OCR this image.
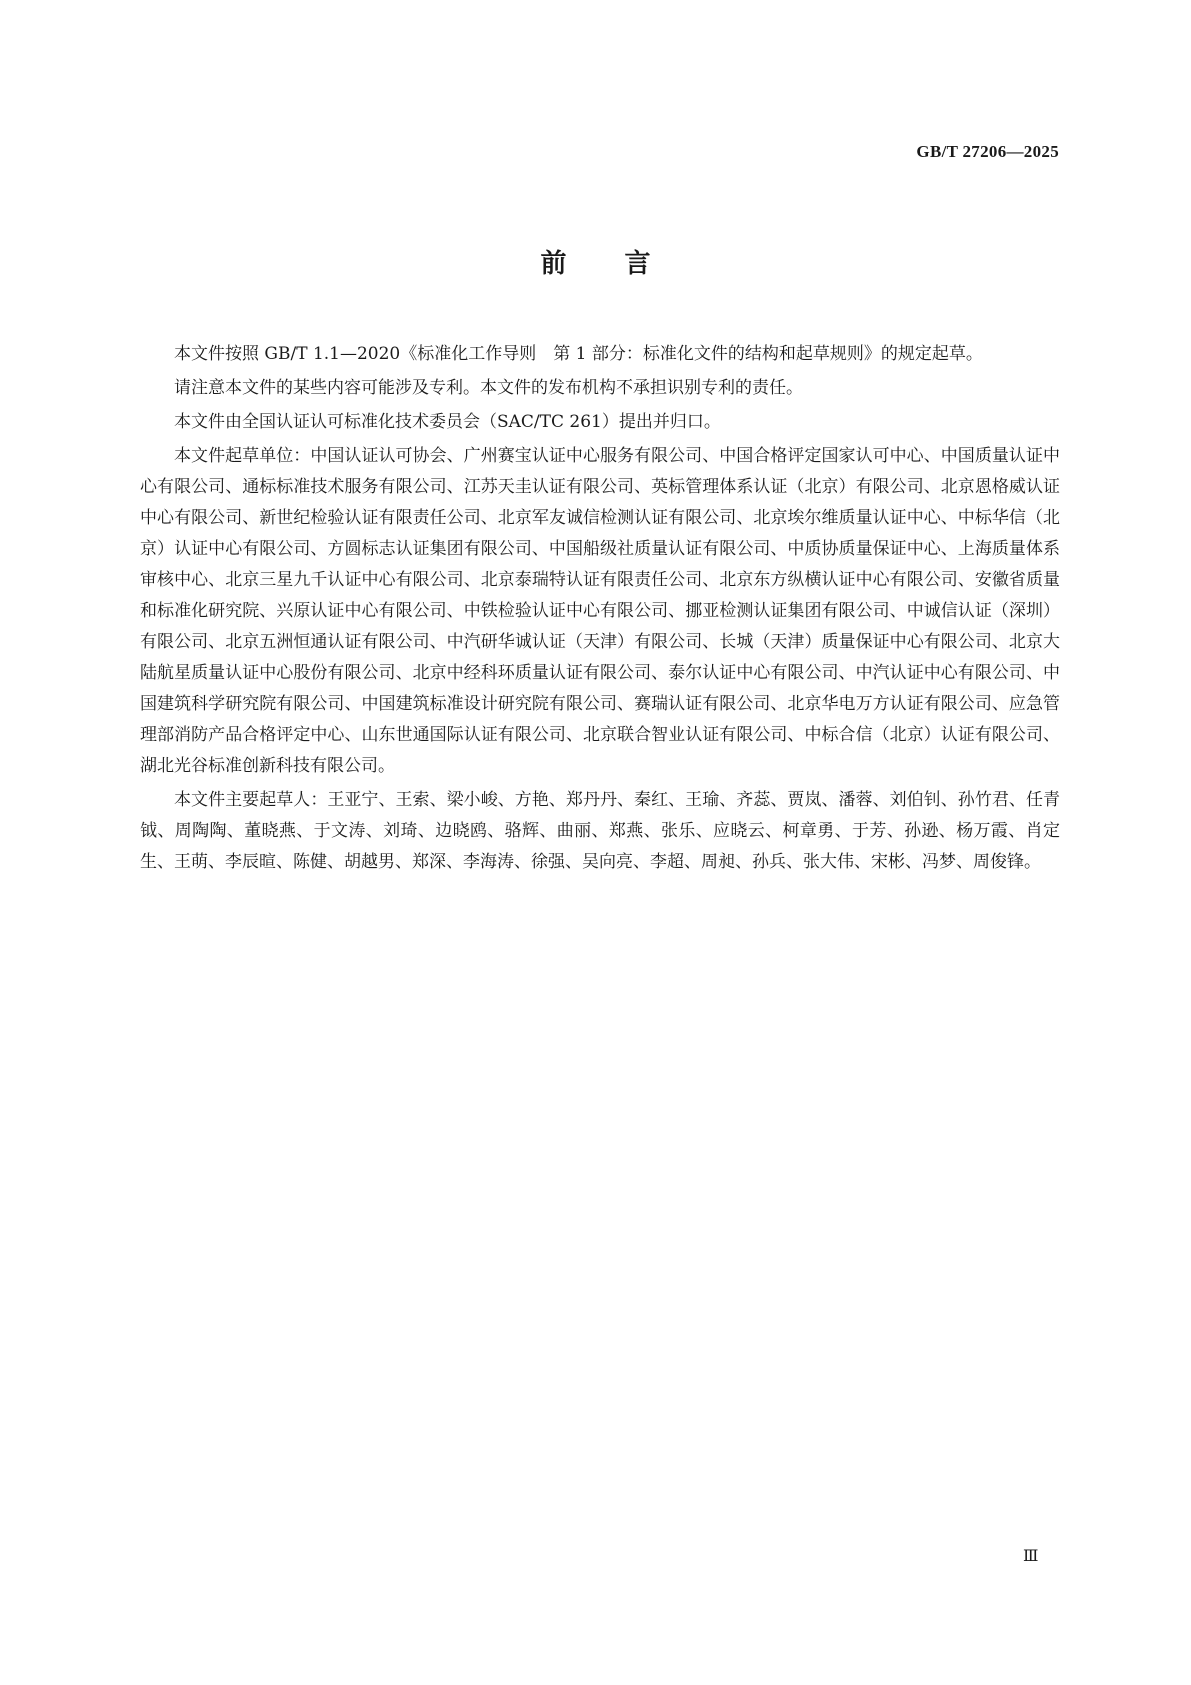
GB/T 27206—2025
前言

本文件按照 GB/T 1.1—2020《标准化工作导则　第 1 部分：标准化文件的结构和起草规则》的规定起草。

请注意本文件的某些内容可能涉及专利。本文件的发布机构不承担识别专利的责任。

本文件由全国认证认可标准化技术委员会（SAC/TC 261）提出并归口。

本文件起草单位：中国认证认可协会、广州赛宝认证中心服务有限公司、中国合格评定国家认可中心、中国质量认证中心有限公司、通标标准技术服务有限公司、江苏天圭认证有限公司、英标管理体系认证（北京）有限公司、北京恩格威认证中心有限公司、新世纪检验认证有限责任公司、北京军友诚信检测认证有限公司、北京埃尔维质量认证中心、中标华信（北京）认证中心有限公司、方圆标志认证集团有限公司、中国船级社质量认证有限公司、中质协质量保证中心、上海质量体系审核中心、北京三星九千认证中心有限公司、北京泰瑞特认证有限责任公司、北京东方纵横认证中心有限公司、安徽省质量和标准化研究院、兴原认证中心有限公司、中铁检验认证中心有限公司、挪亚检测认证集团有限公司、中诚信认证（深圳）有限公司、北京五洲恒通认证有限公司、中汽研华诚认证（天津）有限公司、长城（天津）质量保证中心有限公司、北京大陆航星质量认证中心股份有限公司、北京中经科环质量认证有限公司、泰尔认证中心有限公司、中汽认证中心有限公司、中国建筑科学研究院有限公司、中国建筑标准设计研究院有限公司、赛瑞认证有限公司、北京华电万方认证有限公司、应急管理部消防产品合格评定中心、山东世通国际认证有限公司、北京联合智业认证有限公司、中标合信（北京）认证有限公司、湖北光谷标准创新科技有限公司。

本文件主要起草人：王亚宁、王索、梁小峻、方艳、郑丹丹、秦红、王瑜、齐蕊、贾岚、潘蓉、刘伯钊、孙竹君、任青钺、周陶陶、董晓燕、于文涛、刘琦、边晓鸥、骆辉、曲丽、郑燕、张乐、应晓云、柯章勇、于芳、孙逊、杨万霞、肖定生、王萌、李辰暄、陈健、胡越男、郑深、李海涛、徐强、吴向亮、李超、周昶、孙兵、张大伟、宋彬、冯梦、周俊锋。

Ⅲ
